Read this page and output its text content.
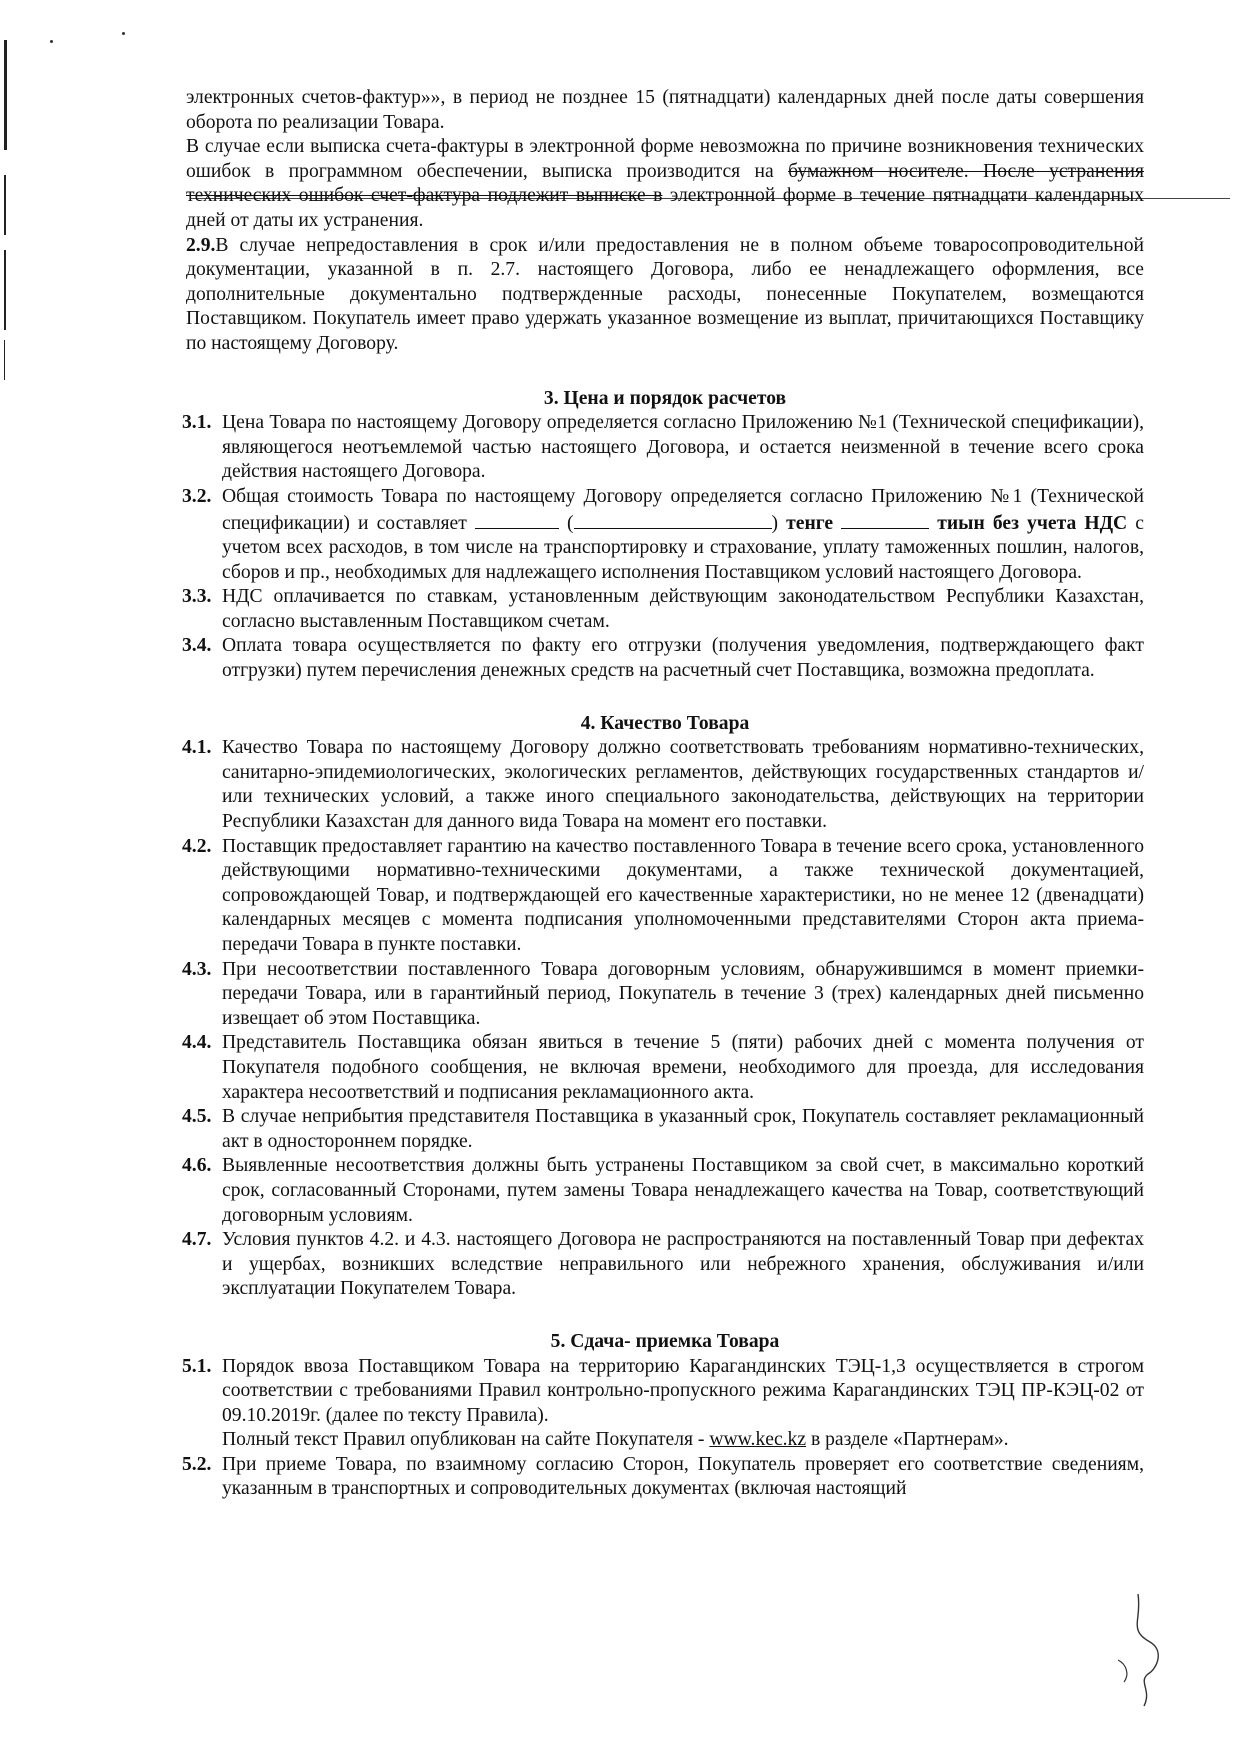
электронных счетов-фактур»», в период не позднее 15 (пятнадцати) календарных дней после даты совершения оборота по реализации Товара.

В случае если выписка счета-фактуры в электронной форме невозможна по причине возникновения технических ошибок в программном обеспечении, выписка производится на бумажном носителе. После устранения технических ошибок счет-фактура подлежит выписке в электронной форме в течение пятнадцати календарных дней от даты их устранения.

2.9.В случае непредоставления в срок и/или предоставления не в полном объеме товаросопроводительной документации, указанной в п. 2.7. настоящего Договора, либо ее ненадлежащего оформления, все дополнительные документально подтвержденные расходы, понесенные Покупателем, возмещаются Поставщиком. Покупатель имеет право удержать указанное возмещение из выплат, причитающихся Поставщику по настоящему Договору.

3. Цена и порядок расчетов

3.1. Цена Товара по настоящему Договору определяется согласно Приложению №1 (Технической спецификации), являющегося неотъемлемой частью настоящего Договора, и остается неизменной в течение всего срока действия настоящего Договора.
3.2. Общая стоимость Товара по настоящему Договору определяется согласно Приложению №1 (Технической спецификации) и составляет	(	) тенге	тиын без учета НДС с учетом всех расходов, в том числе на транспортировку и страхование, уплату таможенных пошлин, налогов, сборов и пр., необходимых для надлежащего исполнения Поставщиком условий настоящего Договора.
3.3. НДС оплачивается по ставкам, установленным действующим законодательством Республики Казахстан, согласно выставленным Поставщиком счетам.
3.4. Оплата товара осуществляется по факту его отгрузки (получения уведомления, подтверждающего факт отгрузки) путем перечисления денежных средств на расчетный счет Поставщика, возможна предоплата.

4. Качество Товара

4.1. Качество Товара по настоящему Договору должно соответствовать требованиям нормативно-технических, санитарно-эпидемиологических, экологических регламентов, действующих государственных стандартов и/или технических условий, а также иного специального законодательства, действующих на территории Республики Казахстан для данного вида Товара на момент его поставки.
4.2. Поставщик предоставляет гарантию на качество поставленного Товара в течение всего срока, установленного действующими нормативно-техническими документами, а также технической документацией, сопровождающей Товар, и подтверждающей его качественные характеристики, но не менее 12 (двенадцати) календарных месяцев с момента подписания уполномоченными представителями Сторон акта приема-передачи Товара в пункте поставки.
4.3. При несоответствии поставленного Товара договорным условиям, обнаружившимся в момент приемки-передачи Товара, или в гарантийный период, Покупатель в течение 3 (трех) календарных дней письменно извещает об этом Поставщика.
4.4. Представитель Поставщика обязан явиться в течение 5 (пяти) рабочих дней с момента получения от Покупателя подобного сообщения, не включая времени, необходимого для проезда, для исследования характера несоответствий и подписания рекламационного акта.
4.5. В случае неприбытия представителя Поставщика в указанный срок, Покупатель составляет рекламационный акт в одностороннем порядке.
4.6. Выявленные несоответствия должны быть устранены Поставщиком за свой счет, в максимально короткий срок, согласованный Сторонами, путем замены Товара ненадлежащего качества на Товар, соответствующий договорным условиям.
4.7. Условия пунктов 4.2. и 4.3. настоящего Договора не распространяются на поставленный Товар при дефектах и ущербах, возникших вследствие неправильного или небрежного хранения, обслуживания и/или эксплуатации Покупателем Товара.

5. Сдача- приемка Товара

5.1. Порядок ввоза Поставщиком Товара на территорию Карагандинских ТЭЦ-1,3 осуществляется в строгом соответствии с требованиями Правил контрольно-пропускного режима Карагандинских ТЭЦ ПР-КЭЦ-02 от 09.10.2019г. (далее по тексту Правила).
Полный текст Правил опубликован на сайте Покупателя - www.kec.kz в разделе «Партнерам».
5.2. При приеме Товара, по взаимному согласию Сторон, Покупатель проверяет его соответствие сведениям, указанным в транспортных и сопроводительных документах (включая настоящий
